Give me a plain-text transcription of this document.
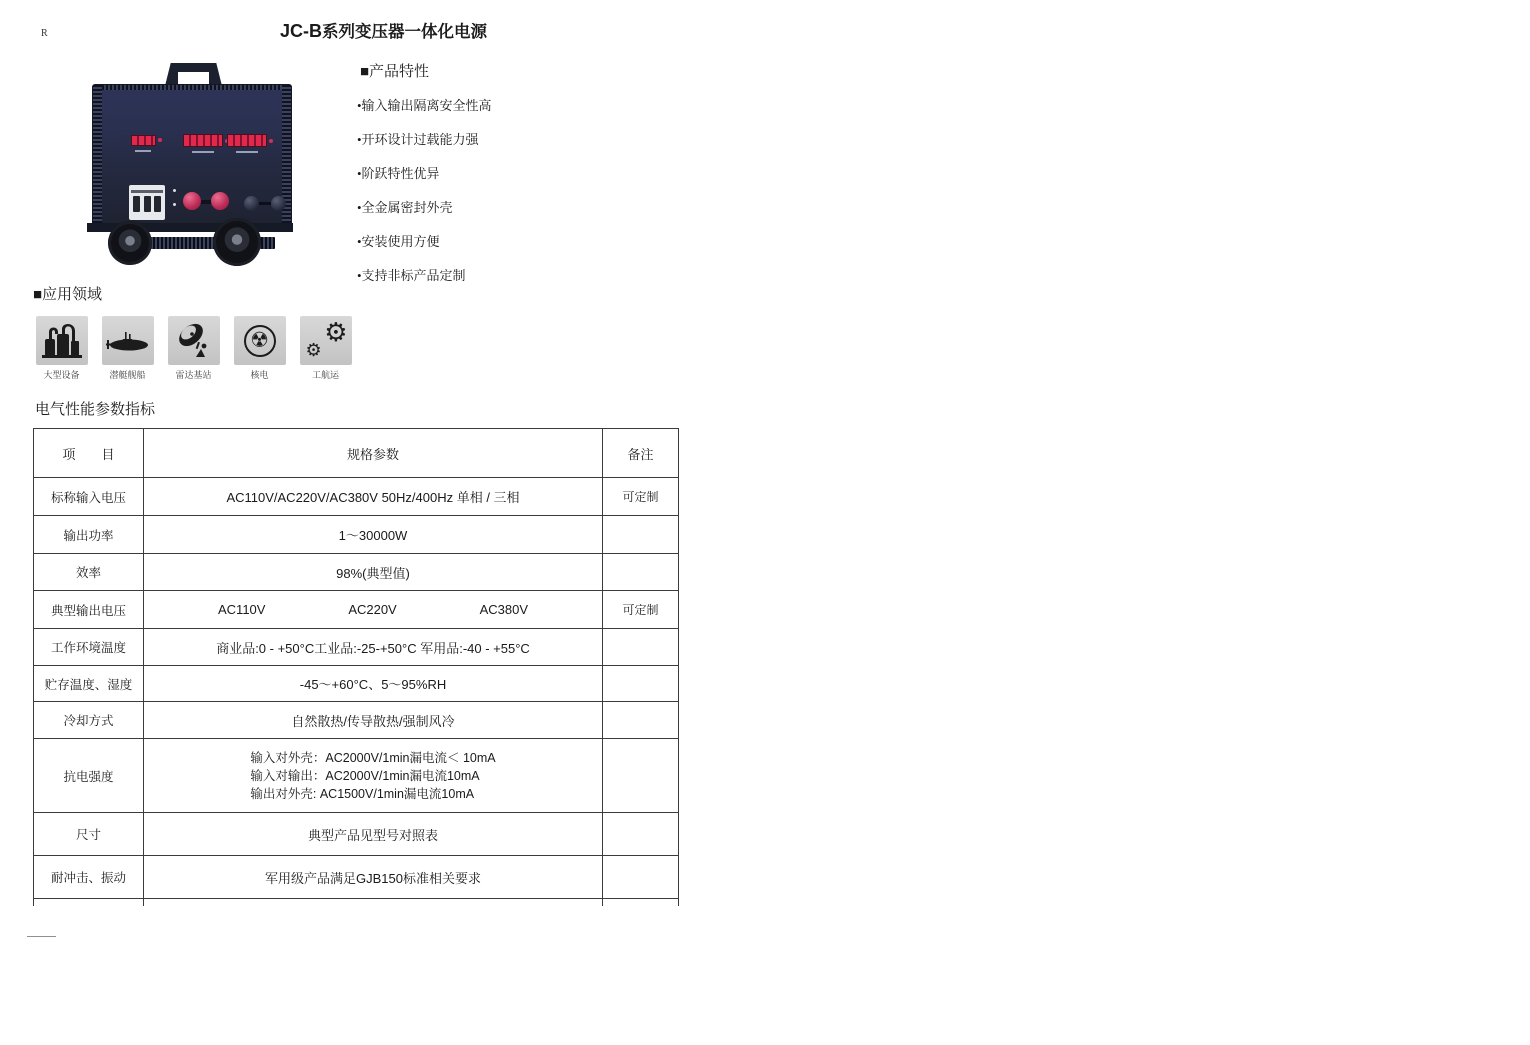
R	JC-B系列变压器一体化电源
■产品特性
•输入输出隔离安全性高
•开环设计过载能力强
•阶跃特性优异
•全金属密封外壳
•安装使用方便
•支持非标产品定制
■应用领域
大型设备	潜艇舰船	雷达基站
☢
核电
⚙
⚙
工航运
电气性能参数指标
项　　目	规格参数	备注
标称输入电压	AC110V/AC220V/AC380V 50Hz/400Hz 单相 / 三相	可定制
输出功率	1～30000W	
效率	98%(典型值)	
典型输出电压	AC110V AC220V AC380V	可定制
工作环境温度	商业品:0 - +50°C工业品:-25-+50°C 军用品:-40 - +55°C	
贮存温度、湿度	-45～+60°C、5～95%RH	
冷却方式	自然散热/传导散热/强制风冷	
抗电强度	输入对外壳：AC2000V/1min漏电流＜ 10mA
输入对输出：AC2000V/1min漏电流10mA
输出对外壳: AC1500V/1min漏电流10mA	

尺寸	典型产品见型号对照表	
耐冲击、振动	军用级产品满足GJB150标准相关要求	
